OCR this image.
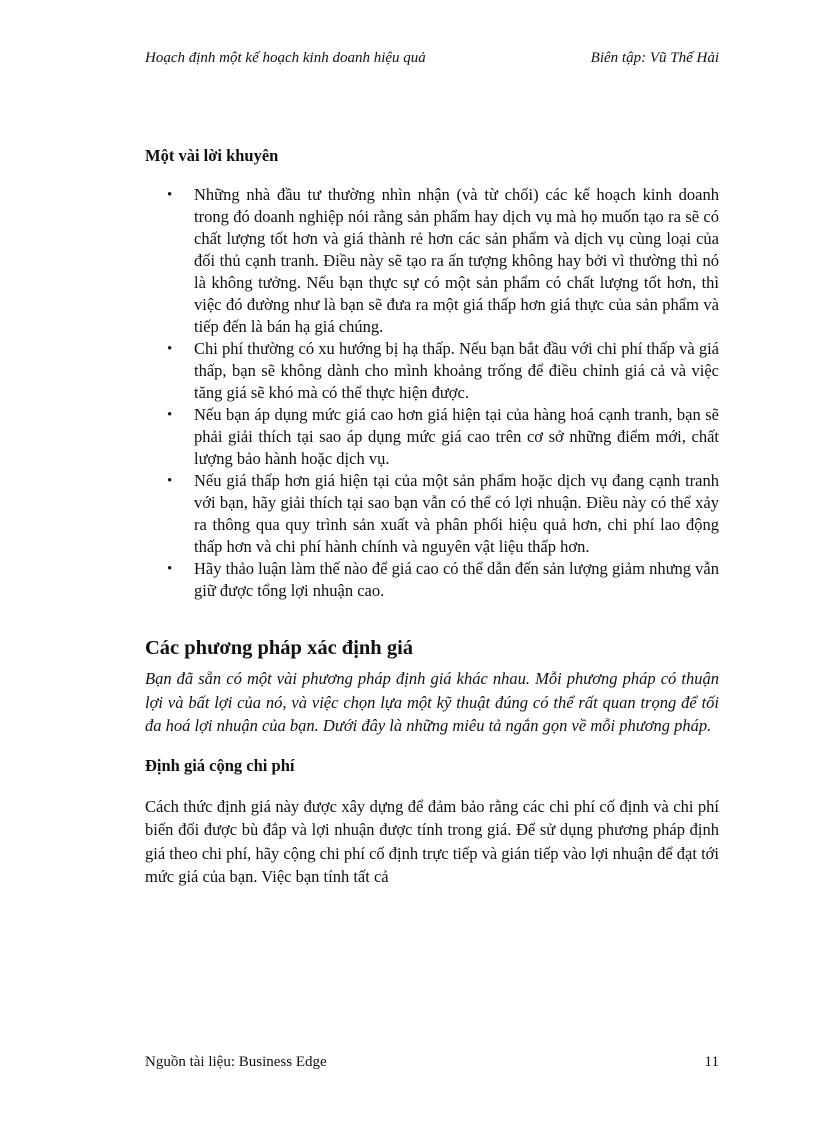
Hoạch định một kế hoạch kinh doanh hiệu quả	Biên tập: Vũ Thế Hải

Một vài lời khuyên

• Những nhà đầu tư thường nhìn nhận (và từ chối) các kế hoạch kinh doanh trong đó doanh nghiệp nói rằng sản phẩm hay dịch vụ mà họ muốn tạo ra sẽ có chất lượng tốt hơn và giá thành rẻ hơn các sản phẩm và dịch vụ cùng loại của đối thủ cạnh tranh. Điều này sẽ tạo ra ấn tượng không hay bởi vì thường thì nó là không tưởng. Nếu bạn thực sự có một sản phẩm có chất lượng tốt hơn, thì việc đó đường như là bạn sẽ đưa ra một giá thấp hơn giá thực của sản phẩm và tiếp đến là bán hạ giá chúng.
• Chi phí thường có xu hướng bị hạ thấp. Nếu bạn bắt đầu với chi phí thấp và giá thấp, bạn sẽ không dành cho mình khoảng trống để điều chỉnh giá cả và việc tăng giá sẽ khó mà có thể thực hiện được.
• Nếu bạn áp dụng mức giá cao hơn giá hiện tại của hàng hoá cạnh tranh, bạn sẽ phải giải thích tại sao áp dụng mức giá cao trên cơ sở những điểm mới, chất lượng bảo hành hoặc dịch vụ.
• Nếu giá thấp hơn giá hiện tại của một sản phẩm hoặc dịch vụ đang cạnh tranh với bạn, hãy giải thích tại sao bạn vẫn có thể có lợi nhuận. Điều này có thể xảy ra thông qua quy trình sản xuất và phân phối hiệu quả hơn, chi phí lao động thấp hơn và chi phí hành chính và nguyên vật liệu thấp hơn.
• Hãy thảo luận làm thế nào để giá cao có thể dẫn đến sản lượng giảm nhưng vẫn giữ được tổng lợi nhuận cao.

Các phương pháp xác định giá

Bạn đã sẵn có một vài phương pháp định giá khác nhau. Mỗi phương pháp có thuận lợi và bất lợi của nó, và việc chọn lựa một kỹ thuật đúng có thể rất quan trọng để tối đa hoá lợi nhuận của bạn. Dưới đây là những miêu tả ngắn gọn về mỗi phương pháp.

Định giá cộng chi phí

Cách thức định giá này được xây dựng để đảm bảo rằng các chi phí cố định và chi phí biến đổi được bù đắp và lợi nhuận được tính trong giá. Để sử dụng phương pháp định giá theo chi phí, hãy cộng chi phí cố định trực tiếp và gián tiếp vào lợi nhuận để đạt tới mức giá của bạn. Việc bạn tính tất cả

Nguồn tài liệu: Business Edge	11
